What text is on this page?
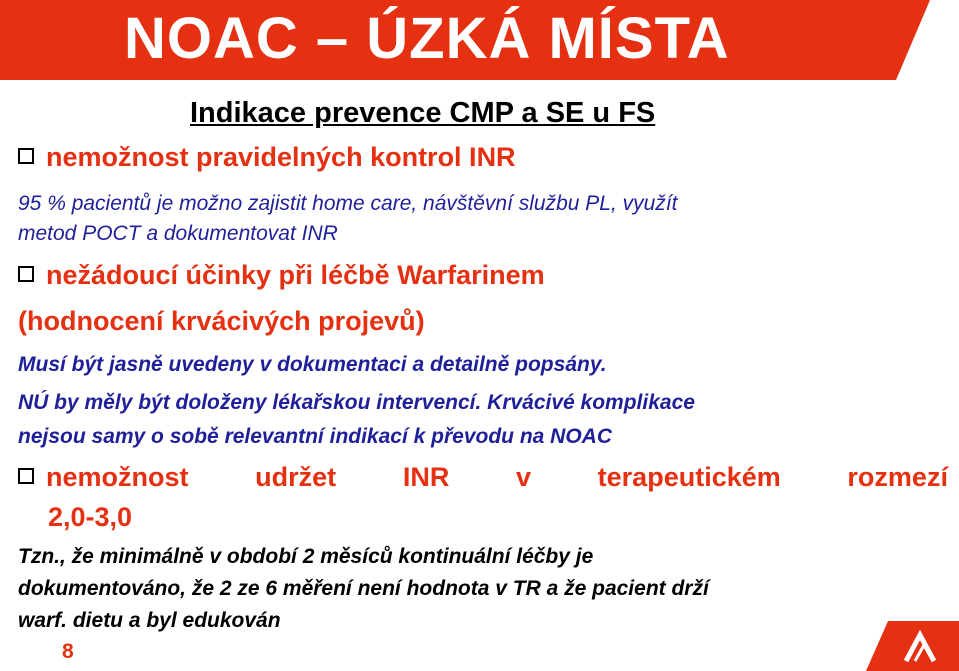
NOAC – ÚZKÁ MÍSTA
Indikace prevence CMP a SE u FS
nemožnost pravidelných kontrol INR
95 % pacientů je možno zajistit home care, návštěvní službu PL, využít
metod POCT a dokumentovat INR
nežádoucí účinky při léčbě Warfarinem
(hodnocení krvácivých projevů)
Musí být jasně uvedeny v dokumentaci a detailně popsány.
NÚ by měly být doloženy lékařskou intervencí. Krvácivé komplikace
nejsou samy o sobě relevantní indikací k převodu na NOAC
nemožnost udržet INR v terapeutickém rozmezí
2,0-3,0
Tzn., že minimálně v období 2 měsíců kontinuální léčby je
dokumentováno, že 2 ze 6 měření není hodnota v TR a že pacient drží
warf. dietu a byl edukován
8
